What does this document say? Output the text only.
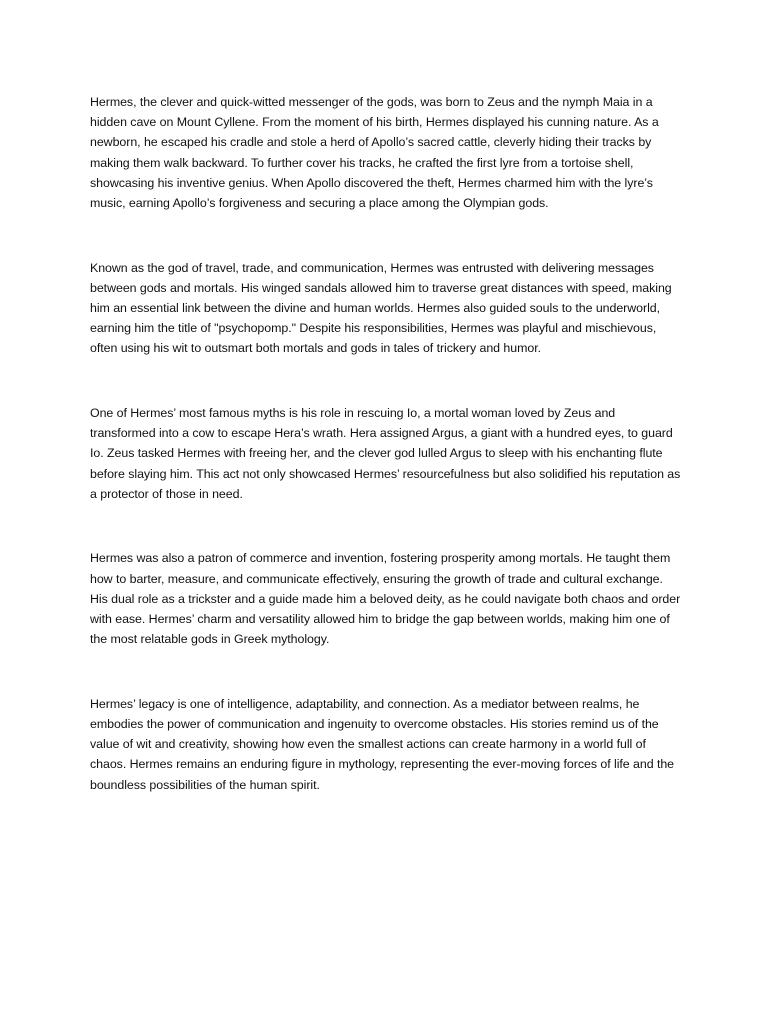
Hermes, the clever and quick-witted messenger of the gods, was born to Zeus and the nymph Maia in a hidden cave on Mount Cyllene. From the moment of his birth, Hermes displayed his cunning nature. As a newborn, he escaped his cradle and stole a herd of Apollo’s sacred cattle, cleverly hiding their tracks by making them walk backward. To further cover his tracks, he crafted the first lyre from a tortoise shell, showcasing his inventive genius. When Apollo discovered the theft, Hermes charmed him with the lyre’s music, earning Apollo’s forgiveness and securing a place among the Olympian gods.

Known as the god of travel, trade, and communication, Hermes was entrusted with delivering messages between gods and mortals. His winged sandals allowed him to traverse great distances with speed, making him an essential link between the divine and human worlds. Hermes also guided souls to the underworld, earning him the title of "psychopomp." Despite his responsibilities, Hermes was playful and mischievous, often using his wit to outsmart both mortals and gods in tales of trickery and humor.

One of Hermes’ most famous myths is his role in rescuing Io, a mortal woman loved by Zeus and transformed into a cow to escape Hera’s wrath. Hera assigned Argus, a giant with a hundred eyes, to guard Io. Zeus tasked Hermes with freeing her, and the clever god lulled Argus to sleep with his enchanting flute before slaying him. This act not only showcased Hermes’ resourcefulness but also solidified his reputation as a protector of those in need.

Hermes was also a patron of commerce and invention, fostering prosperity among mortals. He taught them how to barter, measure, and communicate effectively, ensuring the growth of trade and cultural exchange. His dual role as a trickster and a guide made him a beloved deity, as he could navigate both chaos and order with ease. Hermes’ charm and versatility allowed him to bridge the gap between worlds, making him one of the most relatable gods in Greek mythology.

Hermes’ legacy is one of intelligence, adaptability, and connection. As a mediator between realms, he embodies the power of communication and ingenuity to overcome obstacles. His stories remind us of the value of wit and creativity, showing how even the smallest actions can create harmony in a world full of chaos. Hermes remains an enduring figure in mythology, representing the ever-moving forces of life and the boundless possibilities of the human spirit.
